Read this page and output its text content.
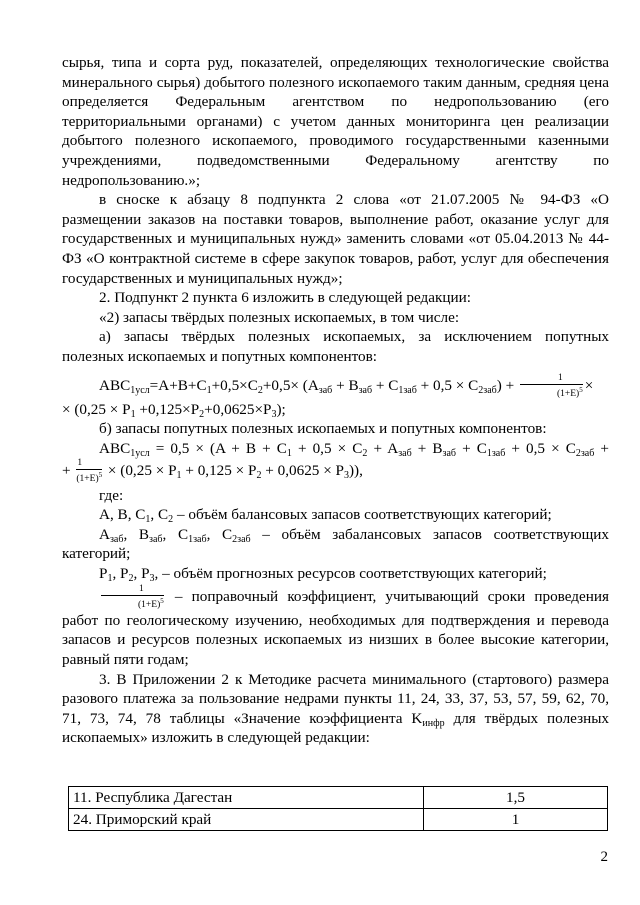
сырья, типа и сорта руд, показателей, определяющих технологические свойства минерального сырья) добытого полезного ископаемого таким данным, средняя цена определяется Федеральным агентством по недропользованию (его территориальными органами) с учетом данных мониторинга цен реализации добытого полезного ископаемого, проводимого государственными казенными учреждениями, подведомственными Федеральному агентству по недропользованию.»;

в сноске к абзацу 8 подпункта 2 слова «от 21.07.2005 № 94-ФЗ «О размещении заказов на поставки товаров, выполнение работ, оказание услуг для государственных и муниципальных нужд» заменить словами «от 05.04.2013 № 44-ФЗ «О контрактной системе в сфере закупок товаров, работ, услуг для обеспечения государственных и муниципальных нужд»;

2. Подпункт 2 пункта 6 изложить в следующей редакции:

«2) запасы твёрдых полезных ископаемых, в том числе:

а) запасы твёрдых полезных ископаемых, за исключением попутных полезных ископаемых и попутных компонентов:

$ABC_{1усл}=A+B+C_1+0,5\times C_2+0,5\times (A_{заб} + B_{заб} + C_{1заб} + 0,5 \times C_{2заб}) + \frac{1}{(1+E)^5}$ ×

× $(0,25 \times P_1 +0,125\times P_2+0,0625\times P_3)$;

б) запасы попутных полезных ископаемых и попутных компонентов:

$ABC_{1усл} = 0,5 \times (A + B + C_1 + 0,5 \times C_2 + A_{заб} + B_{заб} + C_{1заб} + 0,5 \times C_{2заб}$ +

+ $\frac{1}{(1+E)^5} \times (0,25 \times P_1 + 0,125 \times P_2 + 0,0625 \times P_3)$),

где:

A, B, $C_1$, $C_2$ – объём балансовых запасов соответствующих категорий;

$A_{заб}$, $B_{заб}$, $C_{1заб}$, $C_{2заб}$ – объём забалансовых запасов соответствующих категорий;

$P_1$, $P_2$, $P_3$, – объём прогнозных ресурсов соответствующих категорий;

$\frac{1}{(1+E)^5}$ – поправочный коэффициент, учитывающий сроки проведения работ по геологическому изучению, необходимых для подтверждения и перевода запасов и ресурсов полезных ископаемых из низших в более высокие категории, равный пяти годам;

3. В Приложении 2 к Методике расчета минимального (стартового) размера разового платежа за пользование недрами пункты 11, 24, 33, 37, 53, 57, 59, 62, 70, 71, 73, 74, 78 таблицы «Значение коэффициента $K_{инфр}$ для твёрдых полезных ископаемых» изложить в следующей редакции:

11. Республика Дагестан	1,5
24. Приморский край	1
2
